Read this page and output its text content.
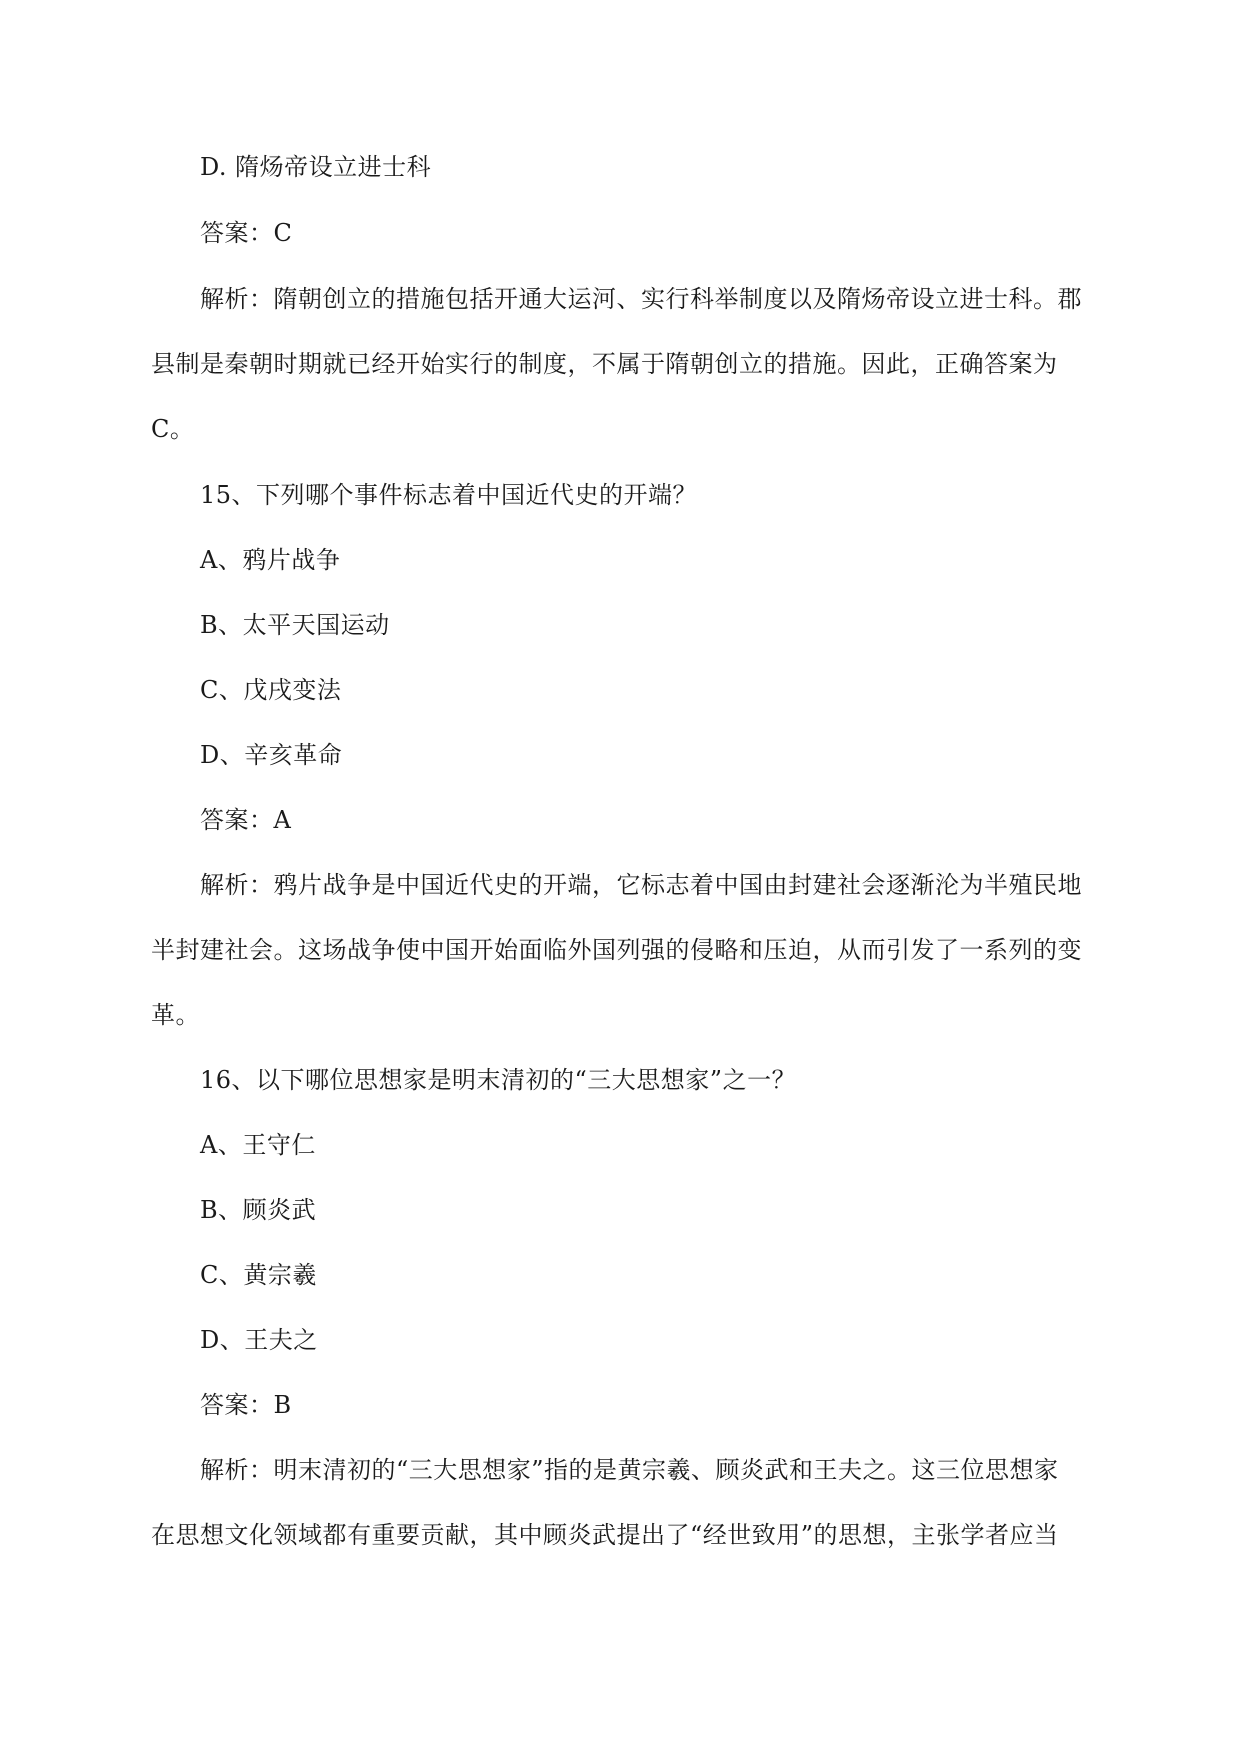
D. 隋炀帝设立进士科
答案：C
解析：隋朝创立的措施包括开通大运河、实行科举制度以及隋炀帝设立进士科。郡
县制是秦朝时期就已经开始实行的制度，不属于隋朝创立的措施。因此，正确答案为
C。
15、下列哪个事件标志着中国近代史的开端？
A、鸦片战争
B、太平天国运动
C、戊戌变法
D、辛亥革命
答案：A
解析：鸦片战争是中国近代史的开端，它标志着中国由封建社会逐渐沦为半殖民地
半封建社会。这场战争使中国开始面临外国列强的侵略和压迫，从而引发了一系列的变
革。
16、以下哪位思想家是明末清初的“三大思想家”之一？
A、王守仁
B、顾炎武
C、黄宗羲
D、王夫之
答案：B
解析：明末清初的“三大思想家”指的是黄宗羲、顾炎武和王夫之。这三位思想家
在思想文化领域都有重要贡献，其中顾炎武提出了“经世致用”的思想，主张学者应当
